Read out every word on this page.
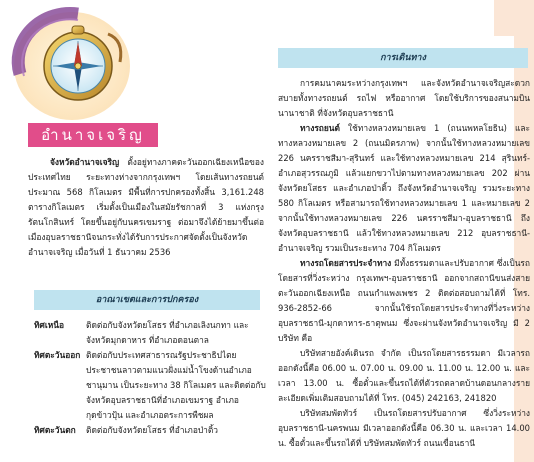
อำนาจเจริญ

จังหวัดอำนาจเจริญ ตั้งอยู่ทางภาคตะวันออกเฉียงเหนือของประเทศไทย ระยะทางห่างจากกรุงเทพฯ โดยเส้นทางรถยนต์ประมาณ 568 กิโลเมตร มีพื้นที่การปกครองทั้งสิ้น 3,161.248 ตารางกิโลเมตร เริ่มตั้งเป็นเมืองในสมัยรัชกาลที่ 3 แห่งกรุงรัตนโกสินทร์ โดยขึ้นอยู่กับนครเขมราฐ ต่อมาจึงได้ย้ายมาขึ้นต่อเมืองอุบลราชธานีจนกระทั่งได้รับการประกาศจัดตั้งเป็นจังหวัดอำนาจเจริญ เมื่อวันที่ 1 ธันวาคม 2536

อาณาเขตและการปกครอง
ทิศเหนือ	ติดต่อกับจังหวัดยโสธร ที่อำเภอเลิงนกทา และจังหวัดมุกดาหาร ที่อำเภอดอนตาล
ทิศตะวันออก ติดต่อกับประเทศสาธารณรัฐประชาธิปไตยประชาชนลาวตามแนวฝั่งแม่น้ำโขงด้านอำเภอชานุมาน เป็นระยะทาง 38 กิโลเมตร และติดต่อกับจังหวัดอุบลราชธานีที่อำเภอเขมราฐ อำเภอกุดข้าวปุ้น และอำเภอตระการพืชผล
ทิศตะวันตก	ติดต่อกับจังหวัดยโสธร ที่อำเภอป่าติ้ว
การเดินทาง

การคมนาคมระหว่างกรุงเทพฯ และจังหวัดอำนาจเจริญสะดวกสบายทั้งทางรถยนต์ รถไฟ หรืออากาศ โดยใช้บริการของสนามบินนานาชาติ ที่จังหวัดอุบลราชธานี

ทางรถยนต์ ใช้ทางหลวงหมายเลข 1 (ถนนพหลโยธิน) และทางหลวงหมายเลข 2 (ถนนมิตรภาพ) จากนั้นใช้ทางหลวงหมายเลข 226 นครราชสีมา-สุรินทร์ และใช้ทางหลวงหมายเลข 214 สุรินทร์-อำเภอสุวรรณภูมิ แล้วแยกขวาไปตามทางหลวงหมายเลข 202 ผ่านจังหวัดยโสธร และอำเภอป่าติ้ว ถึงจังหวัดอำนาจเจริญ รวมระยะทาง 580 กิโลเมตร หรือสามารถใช้ทางหลวงหมายเลข 1 และหมายเลข 2 จากนั้นใช้ทางหลวงหมายเลข 226 นครราชสีมา-อุบลราชธานี ถึงจังหวัดอุบลราชธานี แล้วใช้ทางหลวงหมายเลข 212 อุบลราชธานี-อำนาจเจริญ รวมเป็นระยะทาง 704 กิโลเมตร

ทางรถโดยสารประจำทาง มีทั้งธรรมดาและปรับอากาศ ซึ่งเป็นรถโดยสารที่วิ่งระหว่าง กรุงเทพฯ-อุบลราชธานี ออกจากสถานีขนส่งสายตะวันออกเฉียงเหนือ ถนนกำแพงเพชร 2 ติดต่อสอบถามได้ที่ โทร. 936-2852-66 จากนั้นใช้รถโดยสารประจำทางที่วิ่งระหว่างอุบลราชธานี-มุกดาหาร-ธาตุพนม ซึ่งจะผ่านจังหวัดอำนาจเจริญ มี 2 บริษัท คือ

บริษัทสายอังค์เดินรถ จำกัด เป็นรถโดยสารธรรมดา มีเวลารถออกดังนี้คือ 06.00 น. 07.00 น. 09.00 น. 11.00 น. 12.00 น. และเวลา 13.00 น. ซื้อตั๋วและขึ้นรถได้ที่ตัวรถตลาดบ้านดอนกลางรายละเอียดเพิ่มเติมสอบถามได้ที่ โทร. (045) 242163, 241820

บริษัทสมพัดทัวร์ เป็นรถโดยสารปรับอากาศ ซึ่งวิ่งระหว่างอุบลราชธานี-นครพนม มีเวลาออกดังนี้คือ 06.30 น. และเวลา 14.00 น. ซื้อตั๋วและขึ้นรถได้ที่ บริษัทสมพัดทัวร์ ถนนเขื่อนธานี
